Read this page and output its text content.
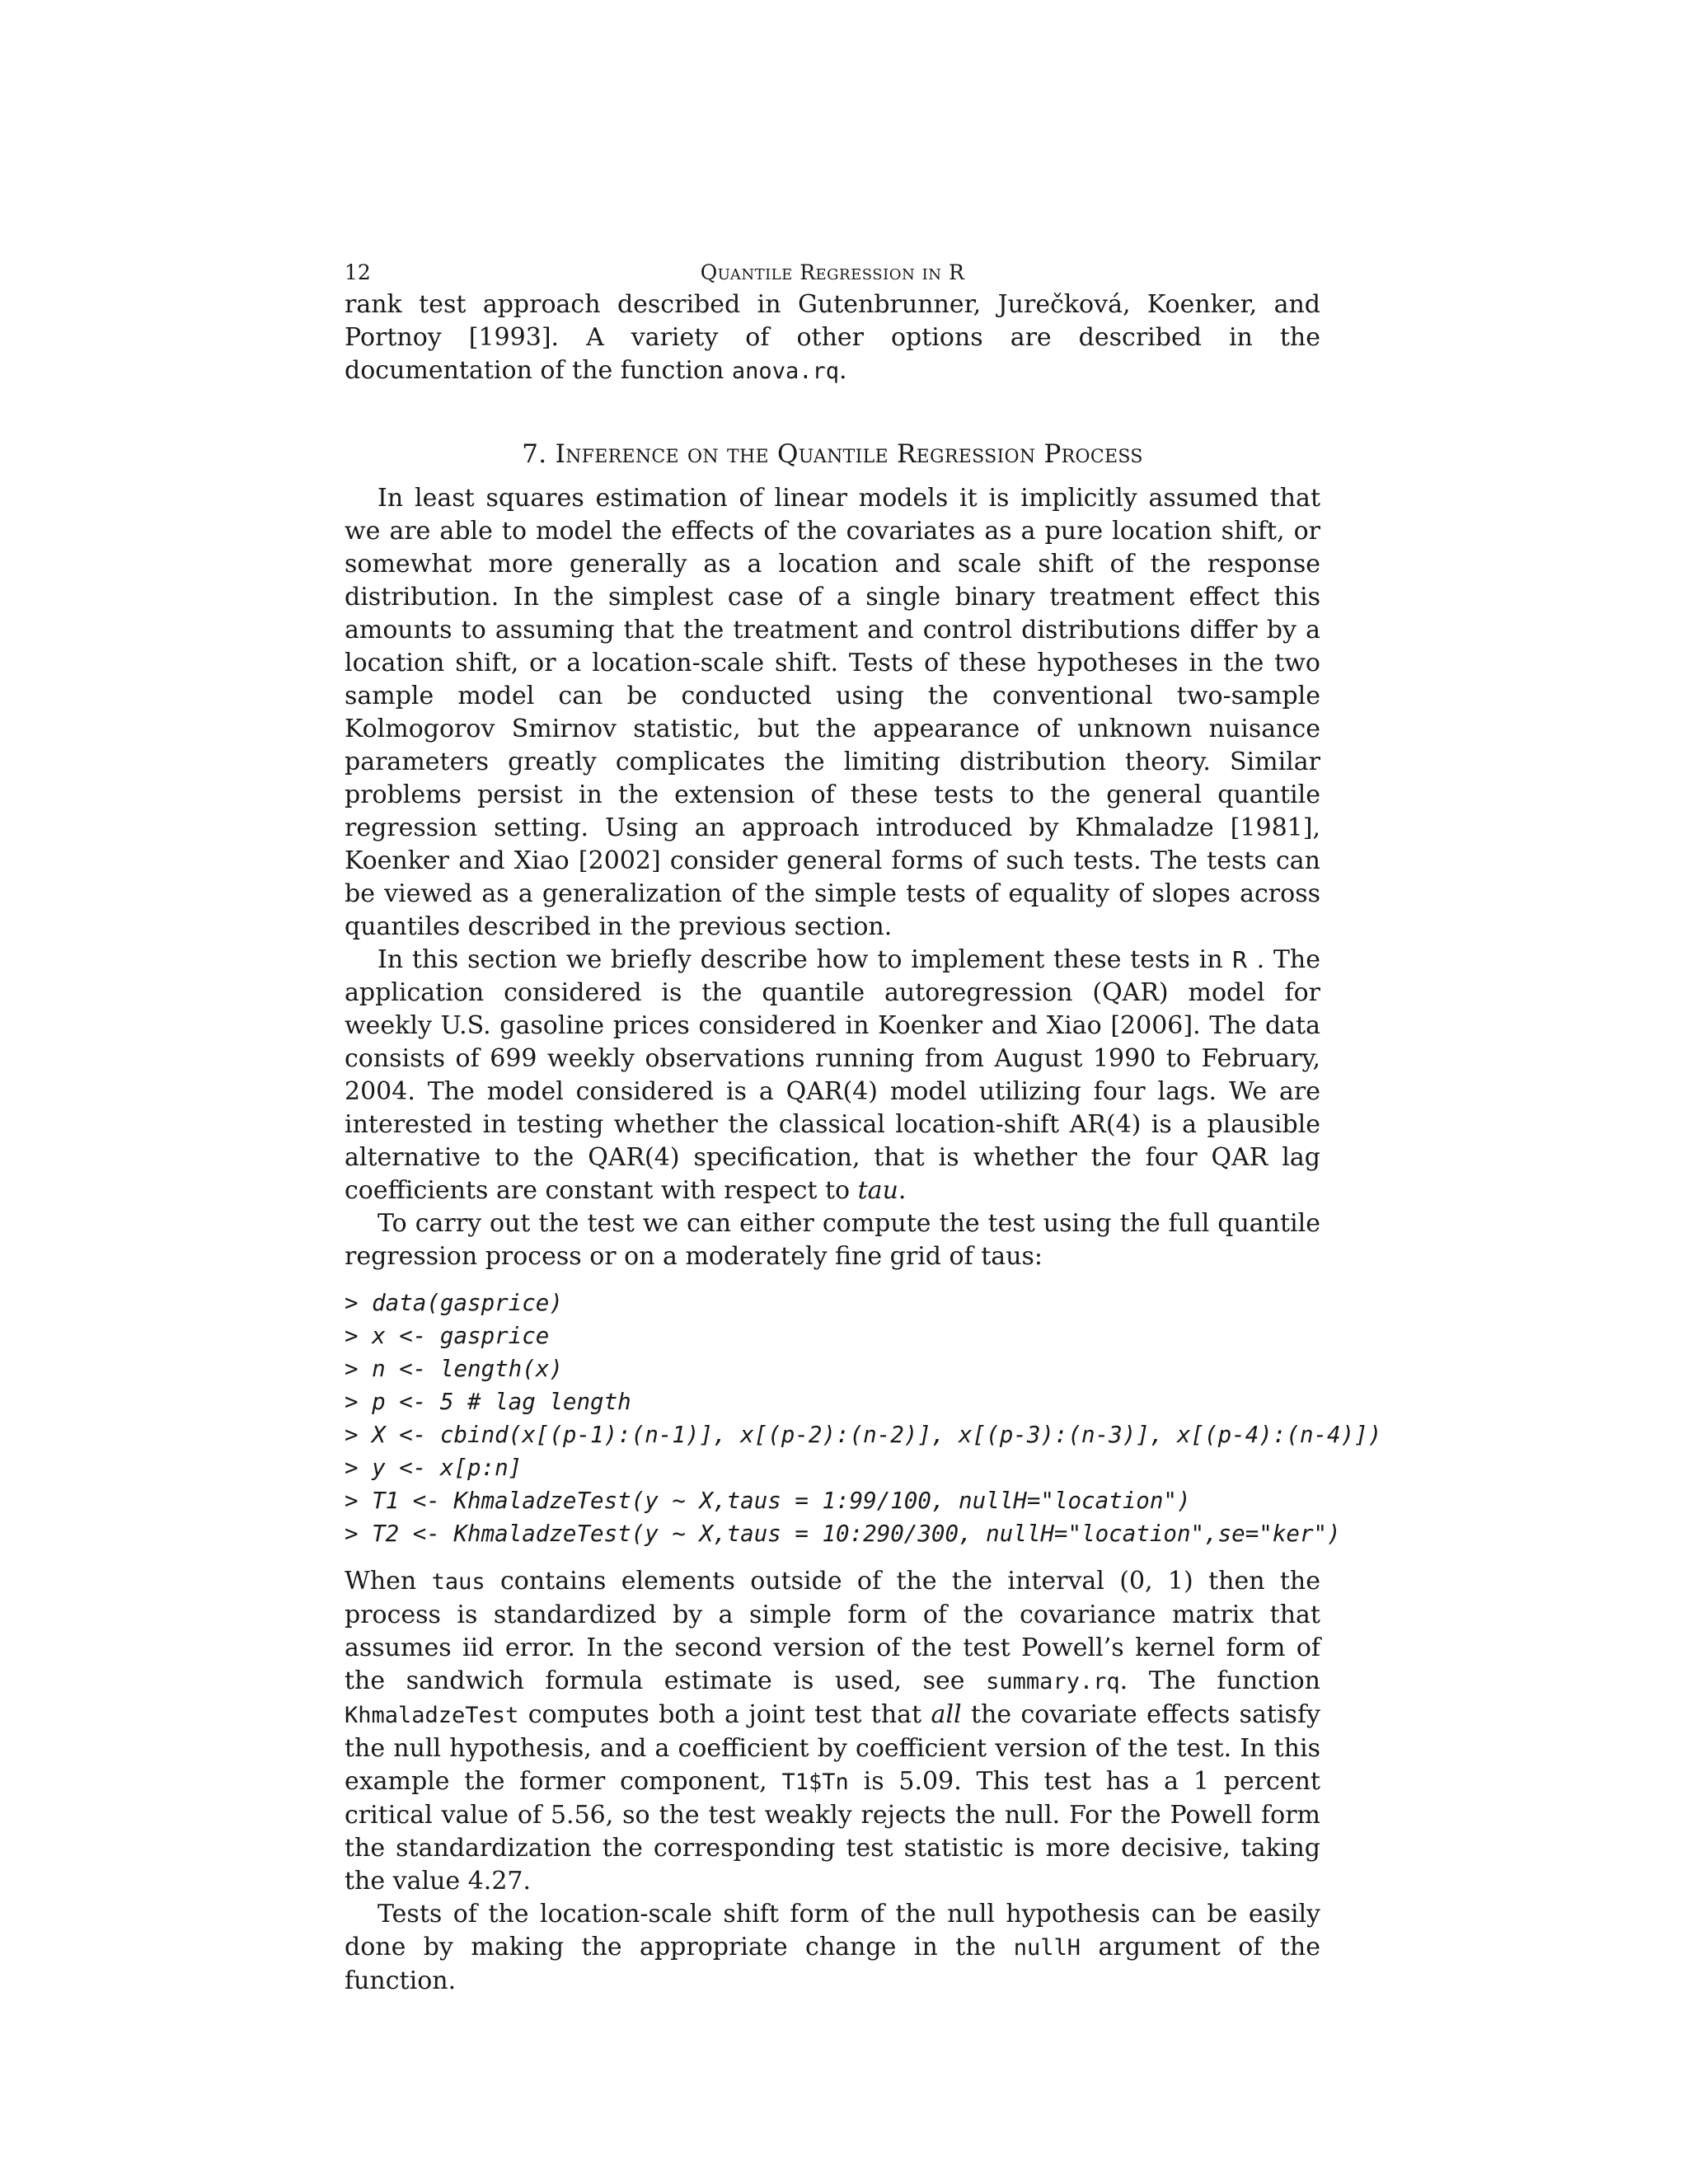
12	Quantile Regression in R

rank test approach described in Gutenbrunner, Jurečková, Koenker, and Portnoy [1993]. A variety of other options are described in the documentation of the function anova.rq.

7. Inference on the Quantile Regression Process

In least squares estimation of linear models it is implicitly assumed that we are able to model the effects of the covariates as a pure location shift, or somewhat more generally as a location and scale shift of the response distribution. In the simplest case of a single binary treatment effect this amounts to assuming that the treatment and control distributions differ by a location shift, or a location-scale shift. Tests of these hypotheses in the two sample model can be conducted using the conventional two-sample Kolmogorov Smirnov statistic, but the appearance of unknown nuisance parameters greatly complicates the limiting distribution theory. Similar problems persist in the extension of these tests to the general quantile regression setting. Using an approach introduced by Khmaladze [1981], Koenker and Xiao [2002] consider general forms of such tests. The tests can be viewed as a generalization of the simple tests of equality of slopes across quantiles described in the previous section.

In this section we briefly describe how to implement these tests in R . The application considered is the quantile autoregression (QAR) model for weekly U.S. gasoline prices considered in Koenker and Xiao [2006]. The data consists of 699 weekly observations running from August 1990 to February, 2004. The model considered is a QAR(4) model utilizing four lags. We are interested in testing whether the classical location-shift AR(4) is a plausible alternative to the QAR(4) specification, that is whether the four QAR lag coefficients are constant with respect to tau.

To carry out the test we can either compute the test using the full quantile regression process or on a moderately fine grid of taus:

> data(gasprice)
> x <- gasprice
> n <- length(x)
> p <- 5 # lag length
> X <- cbind(x[(p-1):(n-1)], x[(p-2):(n-2)], x[(p-3):(n-3)], x[(p-4):(n-4)])
> y <- x[p:n]
> T1 <- KhmaladzeTest(y ~ X,taus = 1:99/100, nullH="location")
> T2 <- KhmaladzeTest(y ~ X,taus = 10:290/300, nullH="location",se="ker")

When taus contains elements outside of the the interval (0, 1) then the process is standardized by a simple form of the covariance matrix that assumes iid error. In the second version of the test Powell’s kernel form of the sandwich formula estimate is used, see summary.rq. The function KhmaladzeTest computes both a joint test that all the covariate effects satisfy the null hypothesis, and a coefficient by coefficient version of the test. In this example the former component, T1$Tn is 5.09. This test has a 1 percent critical value of 5.56, so the test weakly rejects the null. For the Powell form the standardization the corresponding test statistic is more decisive, taking the value 4.27.

Tests of the location-scale shift form of the null hypothesis can be easily done by making the appropriate change in the nullH argument of the function.
